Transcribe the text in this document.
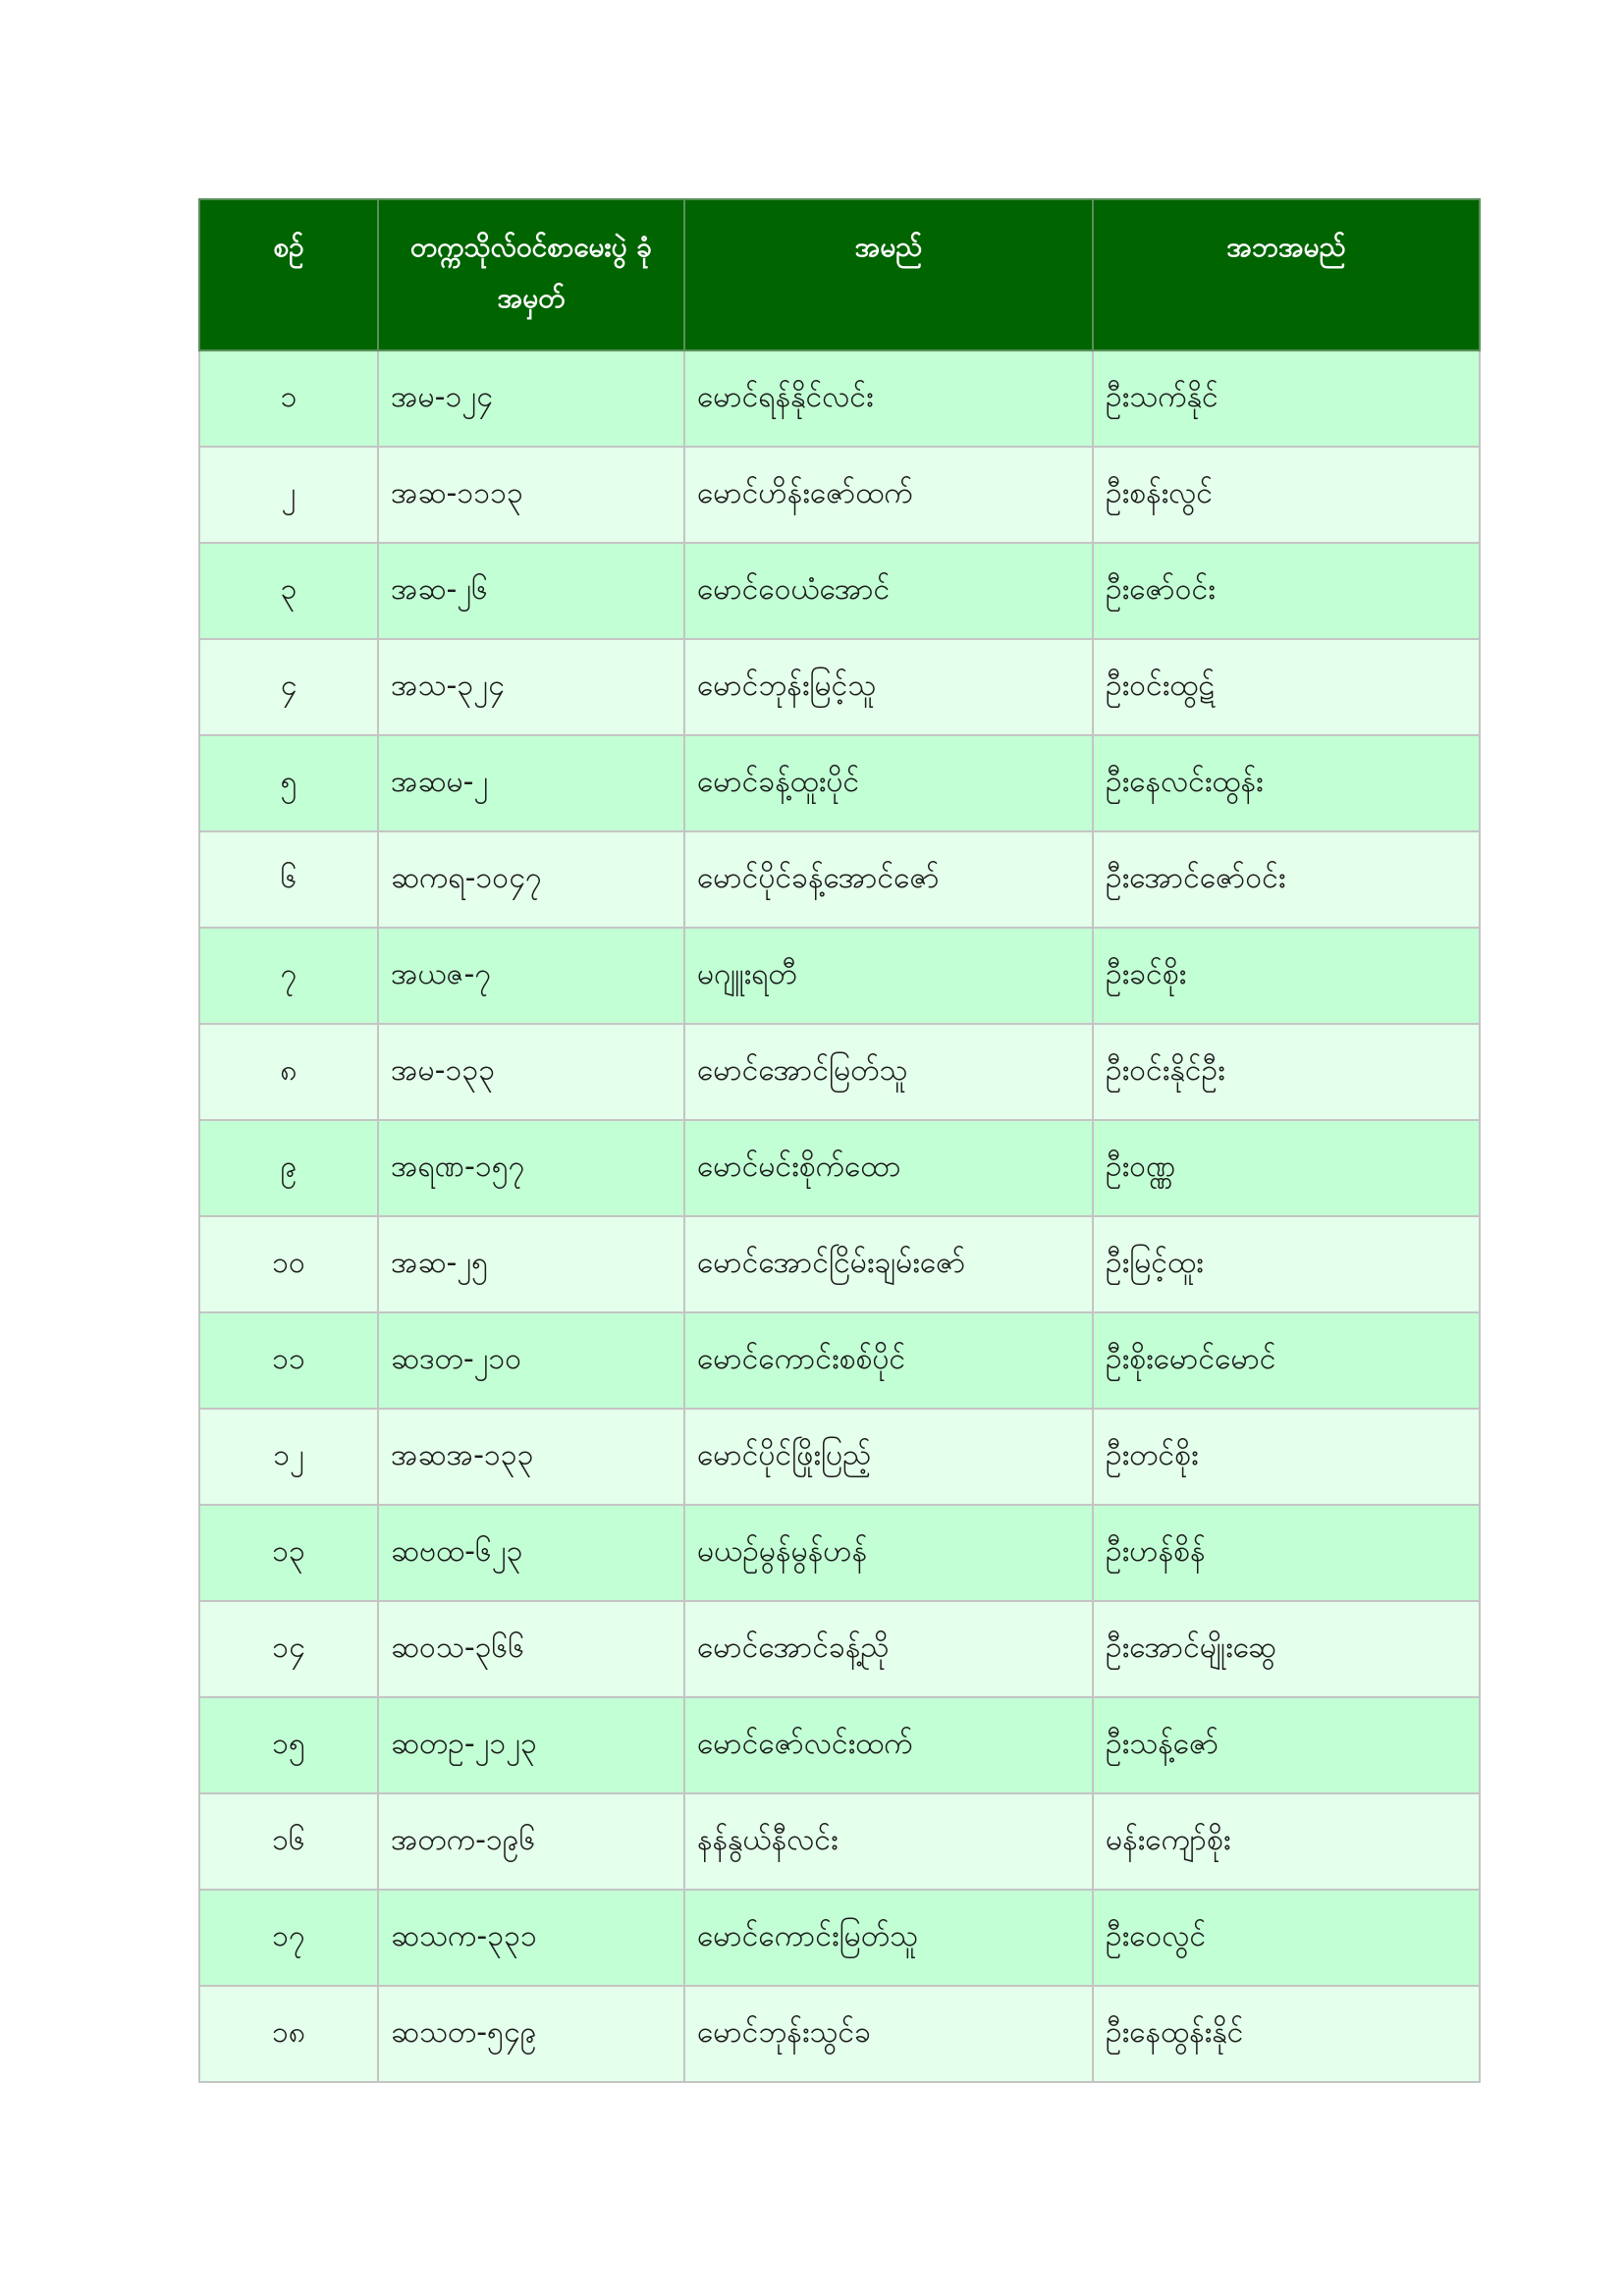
စဉ်	တက္ကသိုလ်ဝင်စာမေးပွဲ ခုံအမှတ်	အမည်	အဘအမည်
၁	အမ-၁၂၄	မောင်ရန်နိုင်လင်း	ဦးသက်နိုင်
၂	အဆ-၁၁၁၃	မောင်ဟိန်းဇော်ထက်	ဦးစန်းလွင်
၃	အဆ-၂၆	မောင်ဝေယံအောင်	ဦးဇော်ဝင်း
၄	အသ-၃၂၄	မောင်ဘုန်းမြင့်သူ	ဦးဝင်းထွဋ်
၅	အဆမ-၂	မောင်ခန့်ထူးပိုင်	ဦးနေလင်းထွန်း
၆	ဆကရ-၁၀၄၇	မောင်ပိုင်ခန့်အောင်ဇော်	ဦးအောင်ဇော်ဝင်း
၇	အယဇ-၇	မဂျူးရတီ	ဦးခင်စိုး
၈	အမ-၁၃၃	မောင်အောင်မြတ်သူ	ဦးဝင်းနိုင်ဦး
၉	အရဏ-၁၅၇	မောင်မင်းစိုက်ထော	ဦးဝဏ္ဏ
၁၀	အဆ-၂၅	မောင်အောင်ငြိမ်းချမ်းဇော်	ဦးမြင့်ထူး
၁၁	ဆဒတ-၂၁၀	မောင်ကောင်းစစ်ပိုင်	ဦးစိုးမောင်မောင်
၁၂	အဆအ-၁၃၃	မောင်ပိုင်ဖြိုးပြည့်	ဦးတင်စိုး
၁၃	ဆဗထ-၆၂၃	မယဉ်မွန်မွန်ဟန်	ဦးဟန်စိန်
၁၄	ဆဝသ-၃၆၆	မောင်အောင်ခန့်ညို	ဦးအောင်မျိုးဆွေ
၁၅	ဆတဥ-၂၁၂၃	မောင်ဇော်လင်းထက်	ဦးသန့်ဇော်
၁၆	အတက-၁၉၆	နန်နွယ်နီလင်း	မန်းကျော်စိုး
၁၇	ဆသက-၃၃၁	မောင်ကောင်းမြတ်သူ	ဦးဝေလွင်
၁၈	ဆသတ-၅၄၉	မောင်ဘုန်းသွင်ခ	ဦးနေထွန်းနိုင်
